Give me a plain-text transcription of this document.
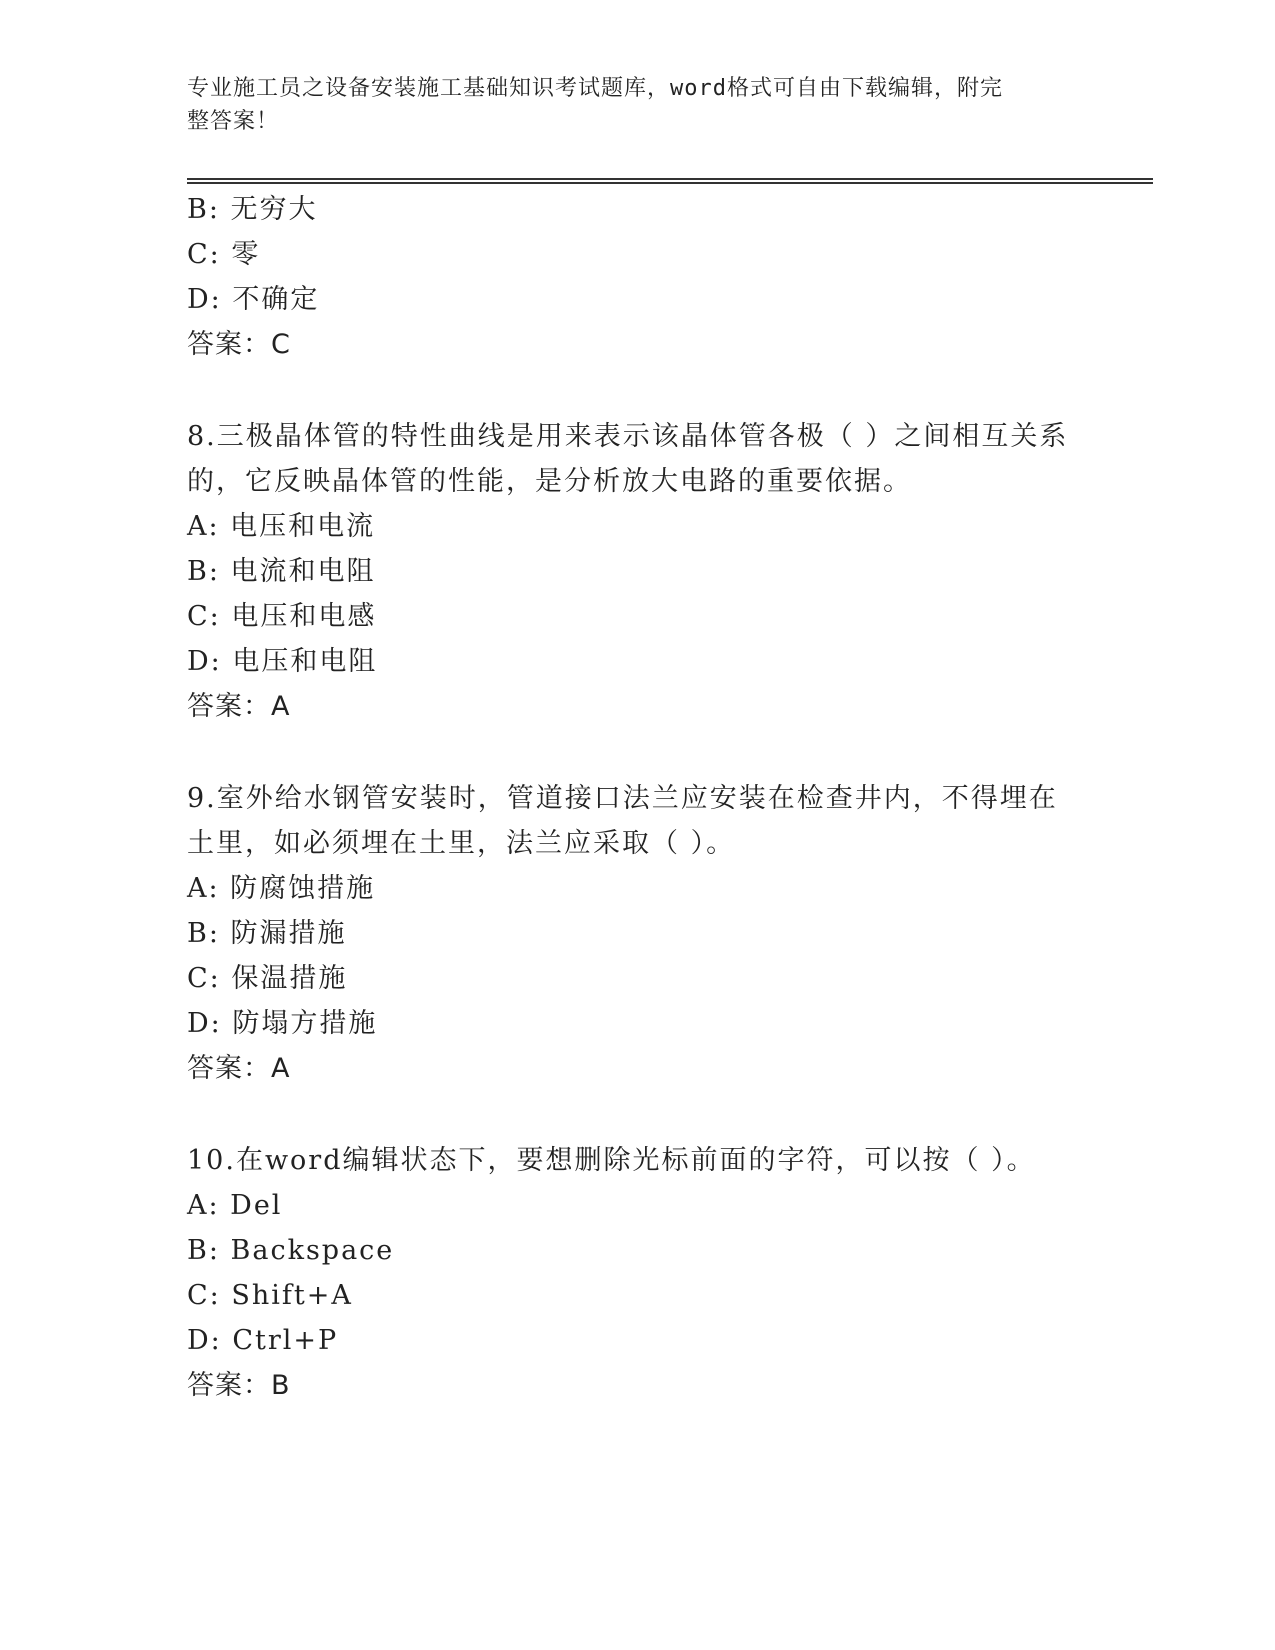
专业施工员之设备安装施工基础知识考试题库，word格式可自由下载编辑，附完
整答案！
B: 无穷大
C: 零
D: 不确定
答案：C
8.三极晶体管的特性曲线是用来表示该晶体管各极（ ）之间相互关系
的，它反映晶体管的性能，是分析放大电路的重要依据。
A: 电压和电流
B: 电流和电阻
C: 电压和电感
D: 电压和电阻
答案：A
9.室外给水钢管安装时，管道接口法兰应安装在检查井内，不得埋在
土里，如必须埋在土里，法兰应采取（ ）。
A: 防腐蚀措施
B: 防漏措施
C: 保温措施
D: 防塌方措施
答案：A
10.在word编辑状态下，要想删除光标前面的字符，可以按（ ）。
A: Del
B: Backspace
C: Shift+A
D: Ctrl+P
答案：B
